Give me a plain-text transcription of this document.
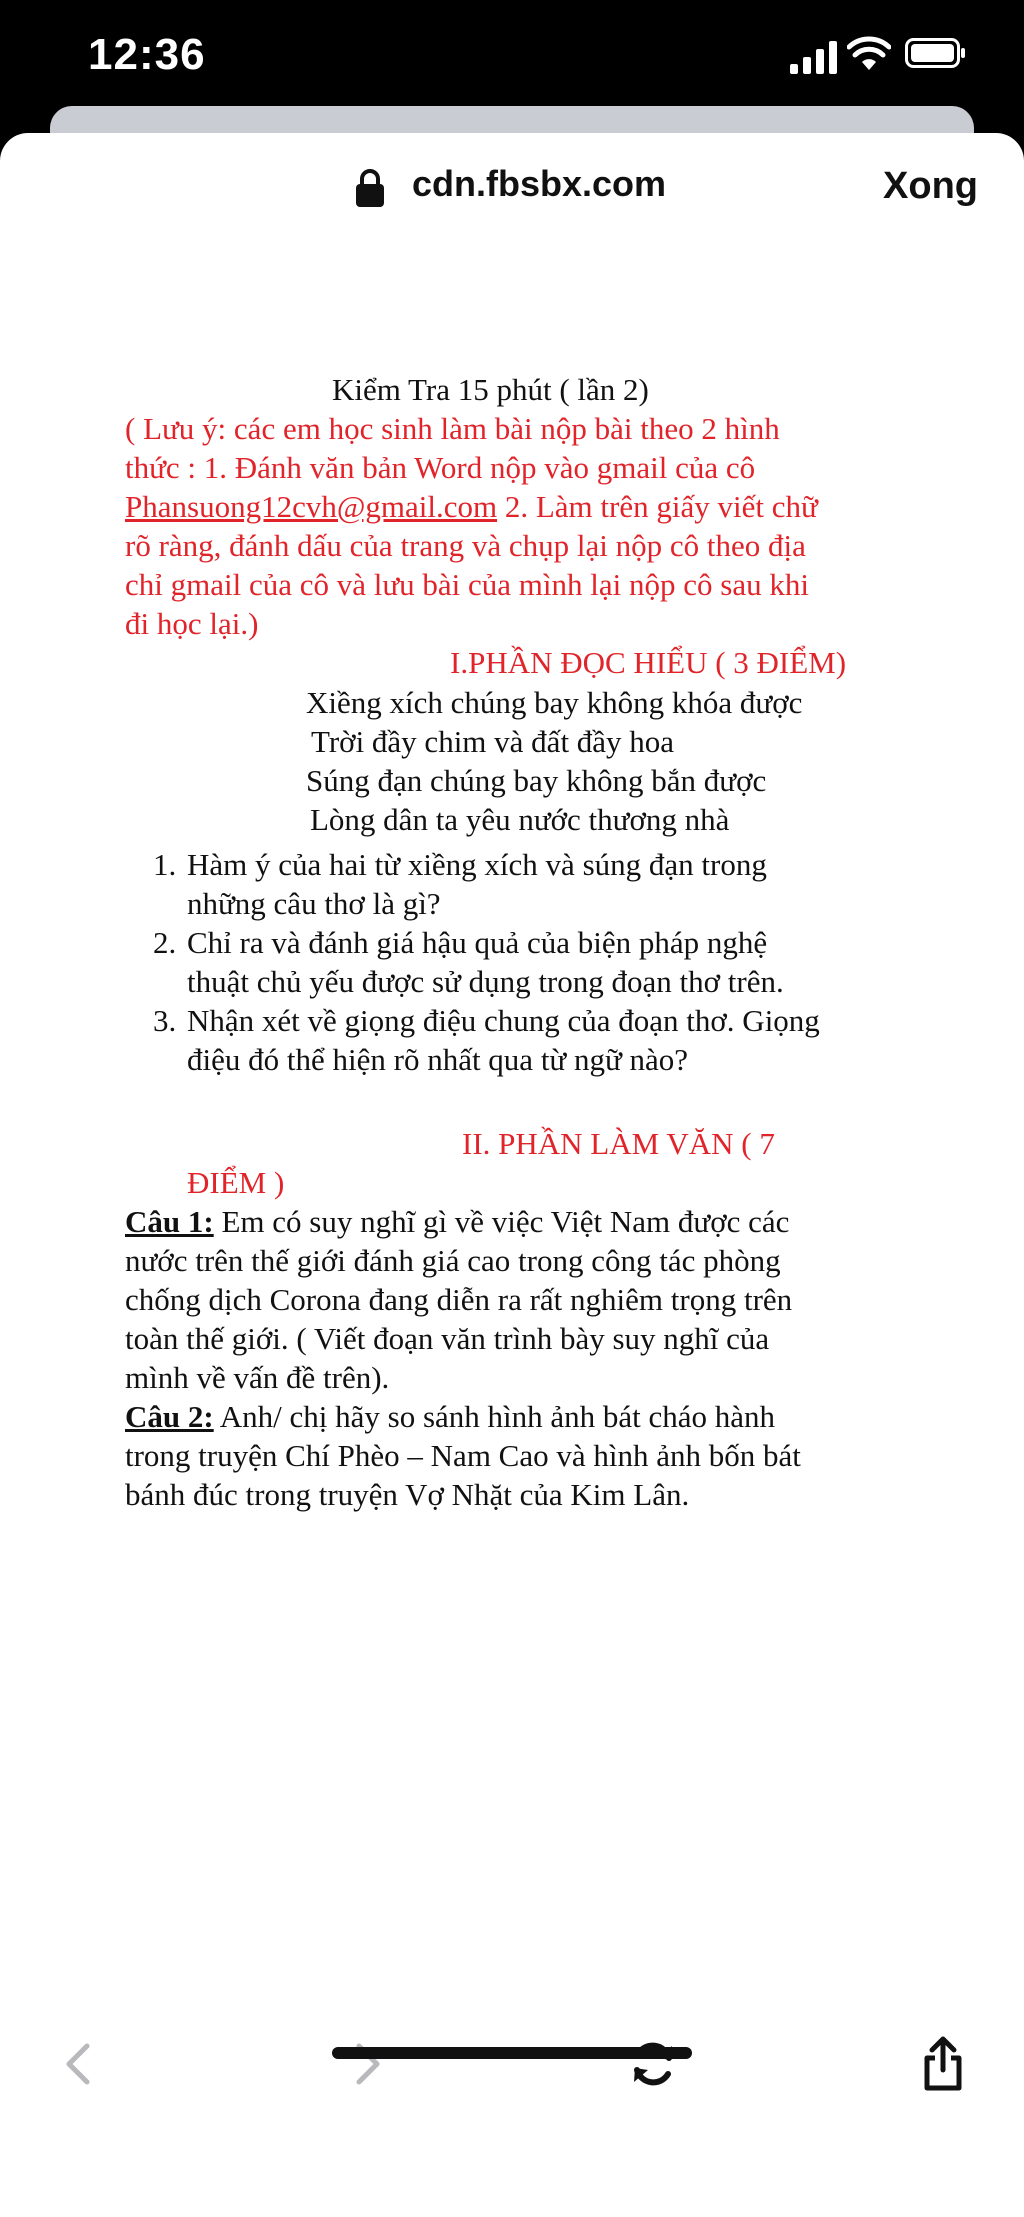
12:36
cdn.fbsbx.com	Xong
Kiểm Tra 15 phút ( lần 2)
( Lưu ý: các em học sinh làm bài nộp bài theo 2 hình
thức : 1. Đánh văn bản Word nộp vào gmail của cô
Phansuong12cvh@gmail.com 2. Làm trên giấy viết chữ
rõ ràng, đánh dấu của trang và chụp lại nộp cô theo địa
chỉ gmail của cô và lưu bài của mình lại nộp cô sau khi
đi học lại.)
I.PHẦN ĐỌC HIỂU ( 3 ĐIỂM)
Xiềng xích chúng bay không khóa được
Trời đầy chim và đất đầy hoa
Súng đạn chúng bay không bắn được
Lòng dân ta yêu nước thương nhà
1. Hàm ý của hai từ xiềng xích và súng đạn trong
những câu thơ là gì?
2. Chỉ ra và đánh giá hậu quả của biện pháp nghệ
thuật chủ yếu được sử dụng trong đoạn thơ trên.
3. Nhận xét về giọng điệu chung của đoạn thơ. Giọng
điệu đó thể hiện rõ nhất qua từ ngữ nào?
II. PHẦN LÀM VĂN ( 7
ĐIỂM )
Câu 1: Em có suy nghĩ gì về việc Việt Nam được các
nước trên thế giới đánh giá cao trong công tác phòng
chống dịch Corona đang diễn ra rất nghiêm trọng trên
toàn thế giới. ( Viết đoạn văn trình bày suy nghĩ của
mình về vấn đề trên).
Câu 2: Anh/ chị hãy so sánh hình ảnh bát cháo hành
trong truyện Chí Phèo – Nam Cao và hình ảnh bốn bát
bánh đúc trong truyện Vợ Nhặt của Kim Lân.
